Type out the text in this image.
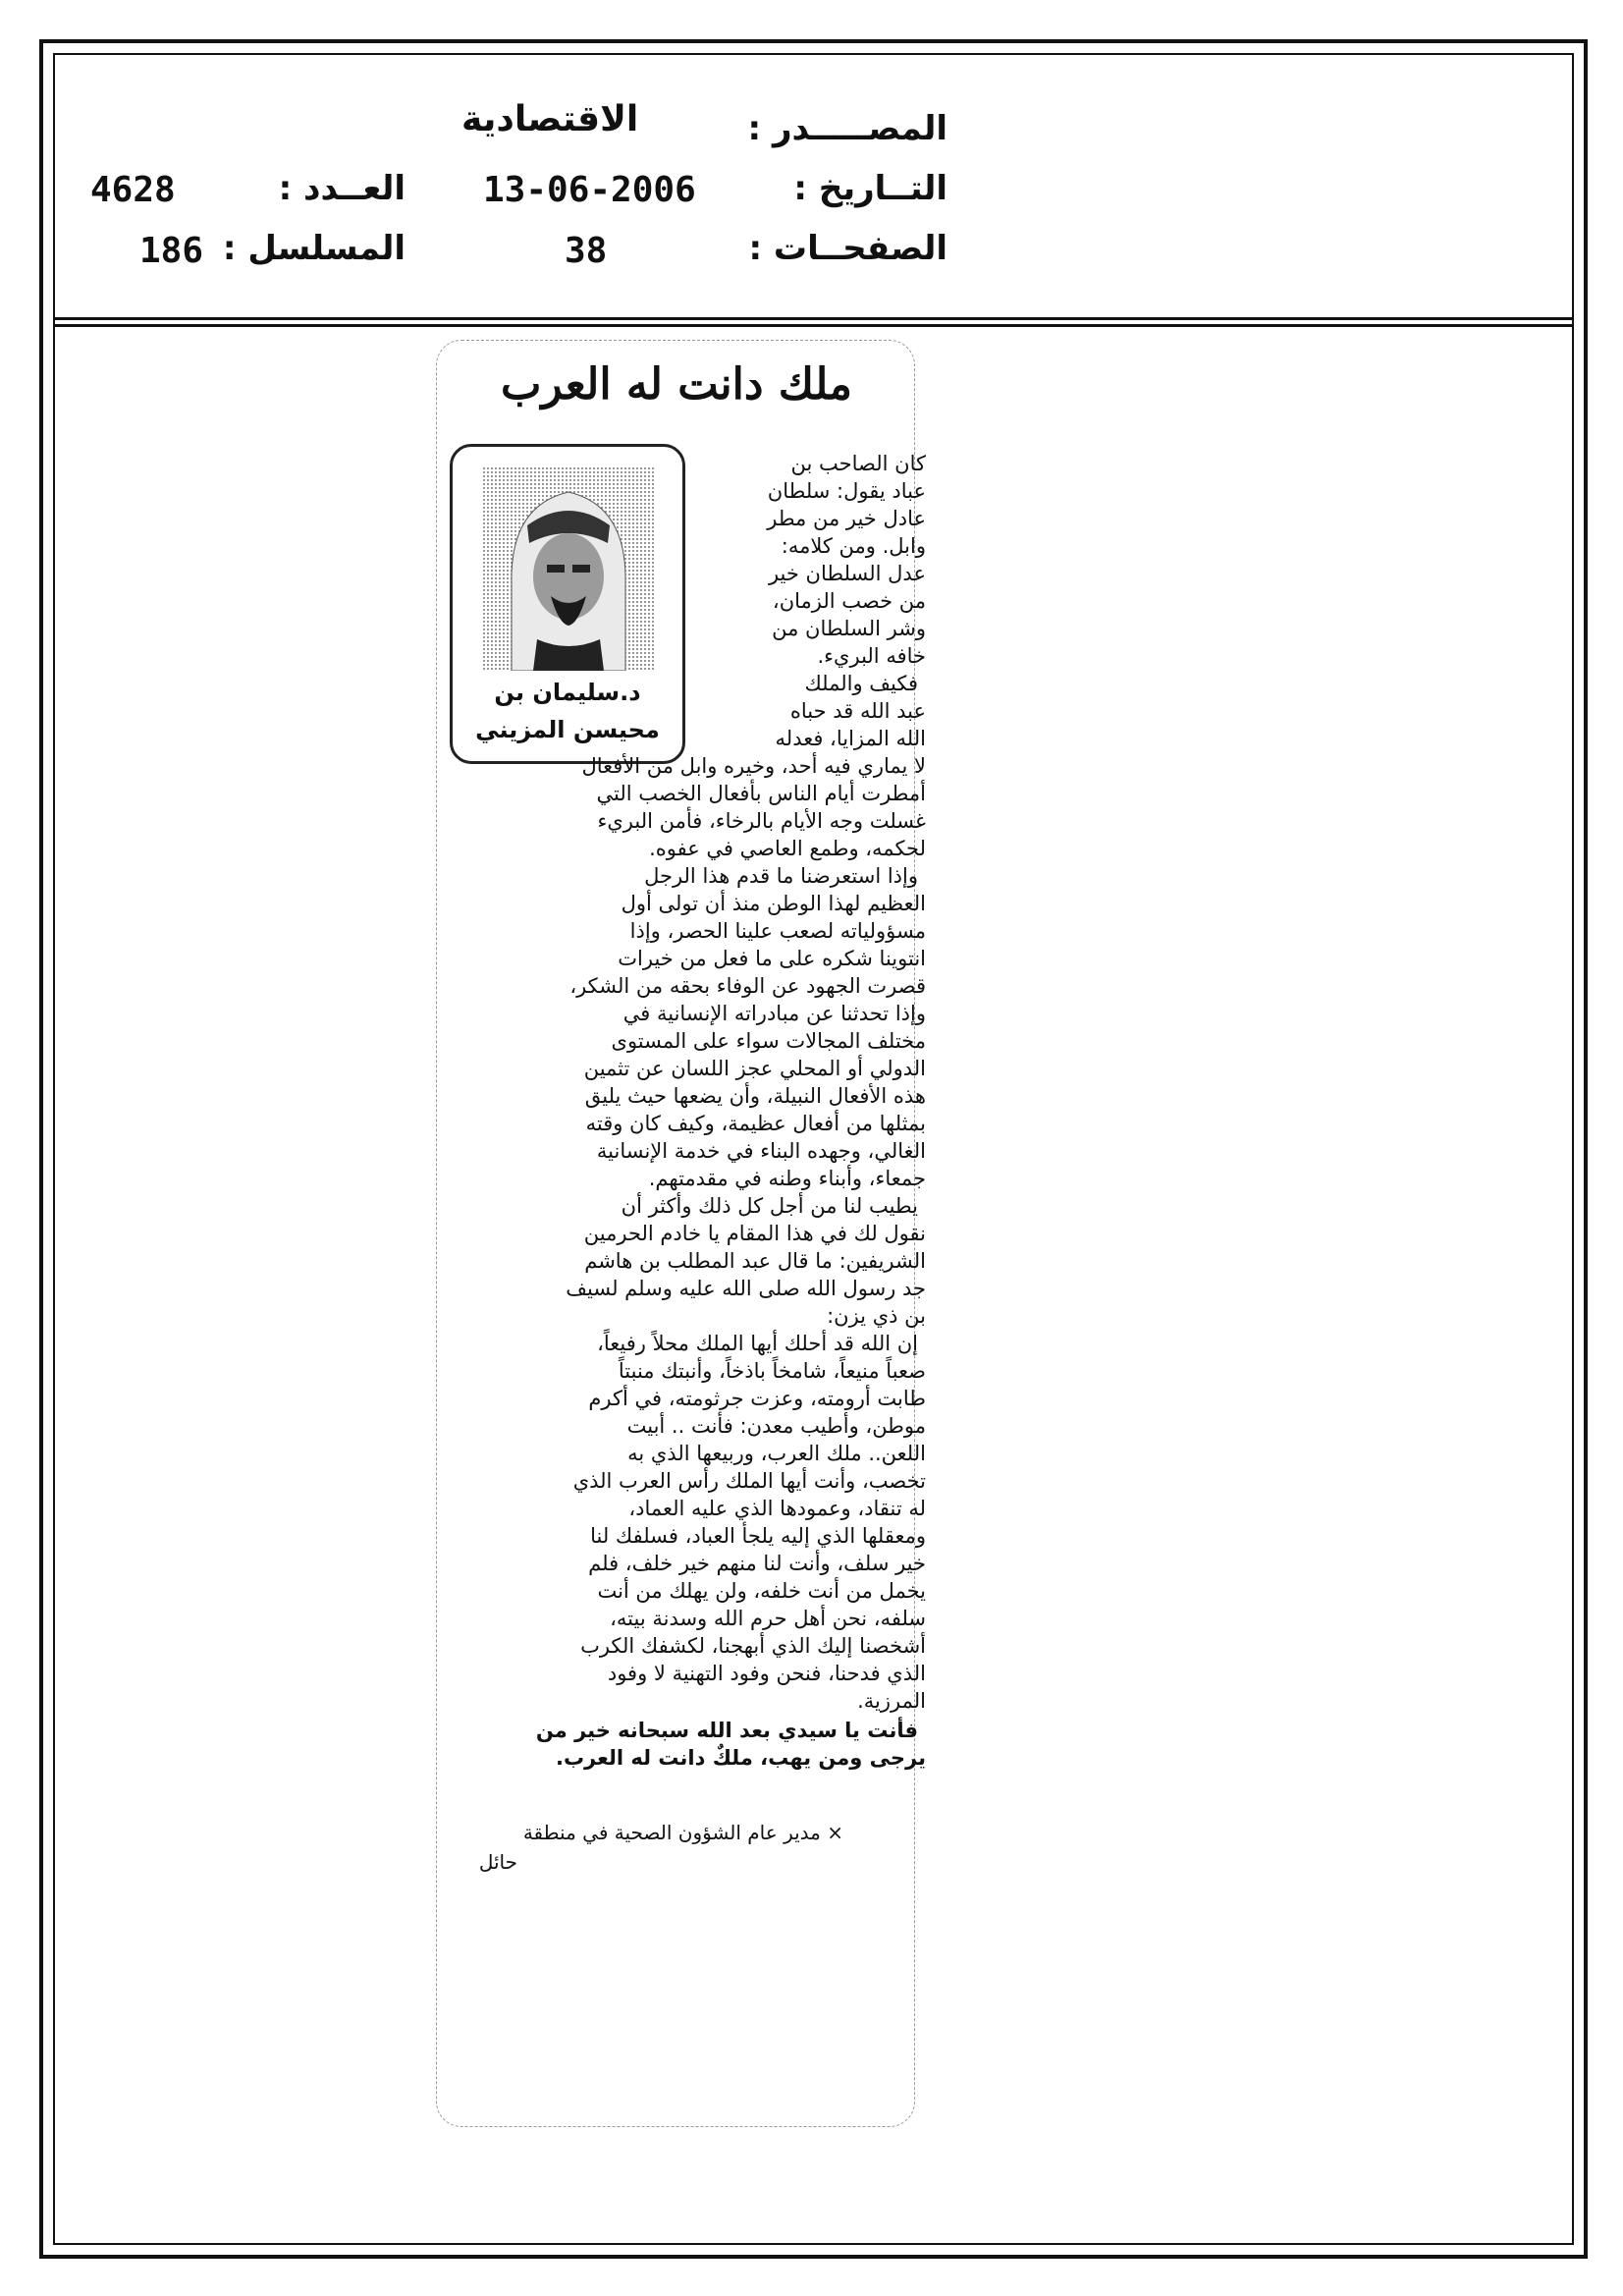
المصـــــدر :
الاقتصادية
التــاريخ :
13-06-2006
الصفحــات :
38
العــدد :
4628
المسلسل :
186
ملك دانت له العرب
د.سليمان بن
محيسن المزيني
كان الصاحب بن
عباد يقول: سلطان
عادل خير من مطر
وابل. ومن كلامه:
عدل السلطان خير
من خصب الزمان،
وشر السلطان من
خافه البريء.
فكيف والملك
عبد الله قد حباه
الله المزايا، فعدله
لا يماري فيه أحد، وخيره وابل من الأفعال
أمطرت أيام الناس بأفعال الخصب التي
غسلت وجه الأيام بالرخاء، فأمن البريء
لحكمه، وطمع العاصي في عفوه.
وإذا استعرضنا ما قدم هذا الرجل
العظيم لهذا الوطن منذ أن تولى أول
مسؤولياته لصعب علينا الحصر، وإذا
انتوينا شكره على ما فعل من خيرات
قصرت الجهود عن الوفاء بحقه من الشكر،
وإذا تحدثنا عن مبادراته الإنسانية في
مختلف المجالات سواء على المستوى
الدولي أو المحلي عجز اللسان عن تثمين
هذه الأفعال النبيلة، وأن يضعها حيث يليق
بمثلها من أفعال عظيمة، وكيف كان وقته
الغالي، وجهده البناء في خدمة الإنسانية
جمعاء، وأبناء وطنه في مقدمتهم.
يطيب لنا من أجل كل ذلك وأكثر أن
نقول لك في هذا المقام يا خادم الحرمين
الشريفين: ما قال عبد المطلب بن هاشم
جد رسول الله صلى الله عليه وسلم لسيف
بن ذي يزن:
إن الله قد أحلك أيها الملك محلاً رفيعاً،
صعباً منيعاً، شامخاً باذخاً، وأنبتك منبتاً
طابت أرومته، وعزت جرثومته، في أكرم
موطن، وأطيب معدن: فأنت .. أبيت
اللعن.. ملك العرب، وربيعها الذي به
تخصب، وأنت أيها الملك رأس العرب الذي
له تنقاد، وعمودها الذي عليه العماد،
ومعقلها الذي إليه يلجأ العباد، فسلفك لنا
خير سلف، وأنت لنا منهم خير خلف، فلم
يخمل من أنت خلفه، ولن يهلك من أنت
سلفه، نحن أهل حرم الله وسدنة بيته،
أشخصنا إليك الذي أبهجنا، لكشفك الكرب
الذي فدحنا، فنحن وفود التهنية لا وفود
المرزية.
فأنت يا سيدي بعد الله سبحانه خير من
يرجى ومن يهب، ملكٌ دانت له العرب.
× مدير عام الشؤون الصحية في منطقة
حائل
